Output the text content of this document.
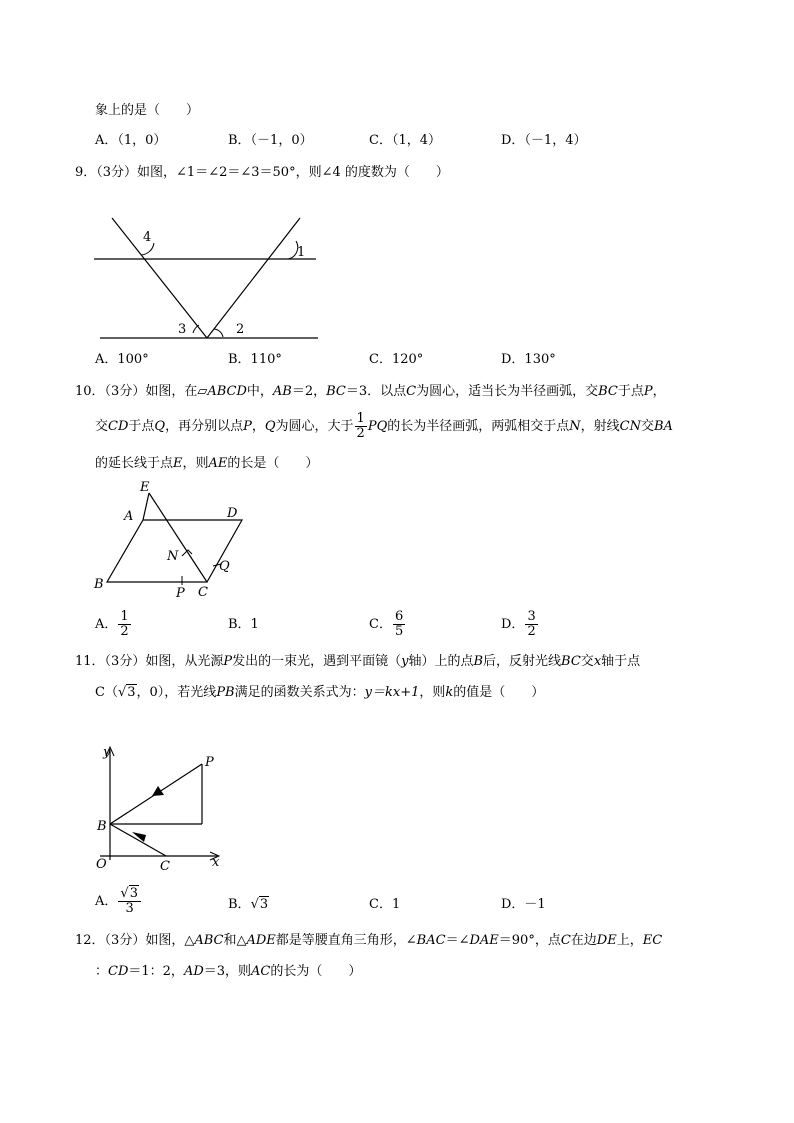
象上的是（　　）
A．（1，0）	B．（－1，0）	C．（1，4）	D．（－1，4）
9．（3分）如图，∠1＝∠2＝∠3＝50°，则∠4 的度数为（　　）
4
1
3	2
A．100°	B．110°	C．120°	D．130°
10．（3分）如图，在▱ABCD中，AB＝2，BC＝3．以点C为圆心，适当长为半径画弧，交BC于点P，
交CD于点Q，再分别以点P，Q为圆心，大于 $\frac{1}{2}$ PQ的长为半径画弧，两弧相交于点N，射线CN交BA
的延长线于点E，则AE的长是（　　）
E
A	D
N
Q
B
P C
A． $\frac{1}{2}$	B．1	C． $\frac{6}{5}$	D． $\frac{3}{2}$
11．（3分）如图，从光源P发出的一束光，遇到平面镜（y轴）上的点B后，反射光线BC交x轴于点
C（√3，0），若光线PB满足的函数关系式为：y＝kx+1，则k的值是（　　）
y
P
B
O	C	x
A． $\frac{√3}{3}$	B．√3	C．1	D．－1
12．（3分）如图，△ABC和△ADE都是等腰直角三角形，∠BAC＝∠DAE＝90°，点C在边DE上，EC
：CD＝1：2，AD＝3，则AC的长为（　　）
